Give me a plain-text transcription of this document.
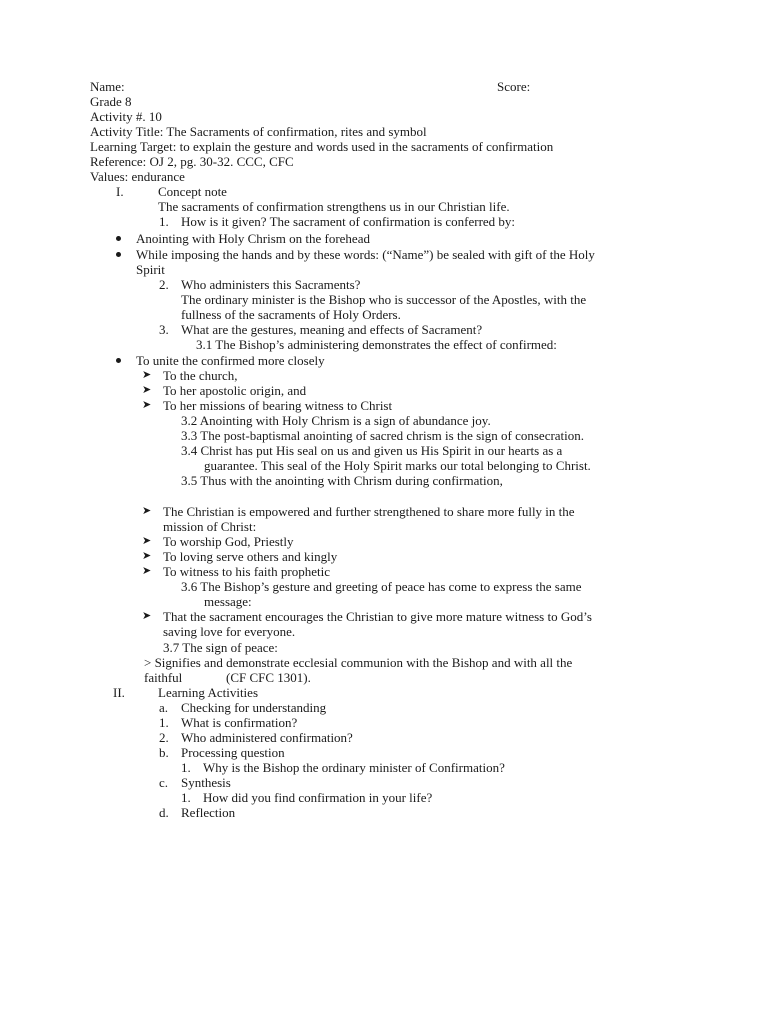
Name:	Score:
Grade 8
Activity #. 10
Activity Title: The Sacraments of confirmation, rites and symbol
Learning Target: to explain the gesture and words used in the sacraments of confirmation
Reference: OJ 2, pg. 30-32. CCC, CFC
Values: endurance
I.	Concept note
The sacraments of confirmation strengthens us in our Christian life.
1. How is it given? The sacrament of confirmation is conferred by:
Anointing with Holy Chrism on the forehead
While imposing the hands and by these words: (“Name”) be sealed with gift of the Holy
Spirit
2. Who administers this Sacraments?
The ordinary minister is the Bishop who is successor of the Apostles, with the
fullness of the sacraments of Holy Orders.
3. What are the gestures, meaning and effects of Sacrament?
3.1 The Bishop’s administering demonstrates the effect of confirmed:
To unite the confirmed more closely
➤ To the church,
➤ To her apostolic origin, and
➤ To her missions of bearing witness to Christ
3.2 Anointing with Holy Chrism is a sign of abundance joy.
3.3 The post-baptismal anointing of sacred chrism is the sign of consecration.
3.4 Christ has put His seal on us and given us His Spirit in our hearts as a
guarantee. This seal of the Holy Spirit marks our total belonging to Christ.
3.5 Thus with the anointing with Chrism during confirmation,
➤ The Christian is empowered and further strengthened to share more fully in the
mission of Christ:
➤ To worship God, Priestly
➤ To loving serve others and kingly
➤ To witness to his faith prophetic
3.6 The Bishop’s gesture and greeting of peace has come to express the same
message:
➤ That the sacrament encourages the Christian to give more mature witness to God’s
saving love for everyone.
3.7 The sign of peace:
> Signifies and demonstrate ecclesial communion with the Bishop and with all the
faithful	(CF CFC 1301).
II.	Learning Activities
a. Checking for understanding
1. What is confirmation?
2. Who administered confirmation?
b. Processing question
1. Why is the Bishop the ordinary minister of Confirmation?
c. Synthesis
1. How did you find confirmation in your life?
d. Reflection
